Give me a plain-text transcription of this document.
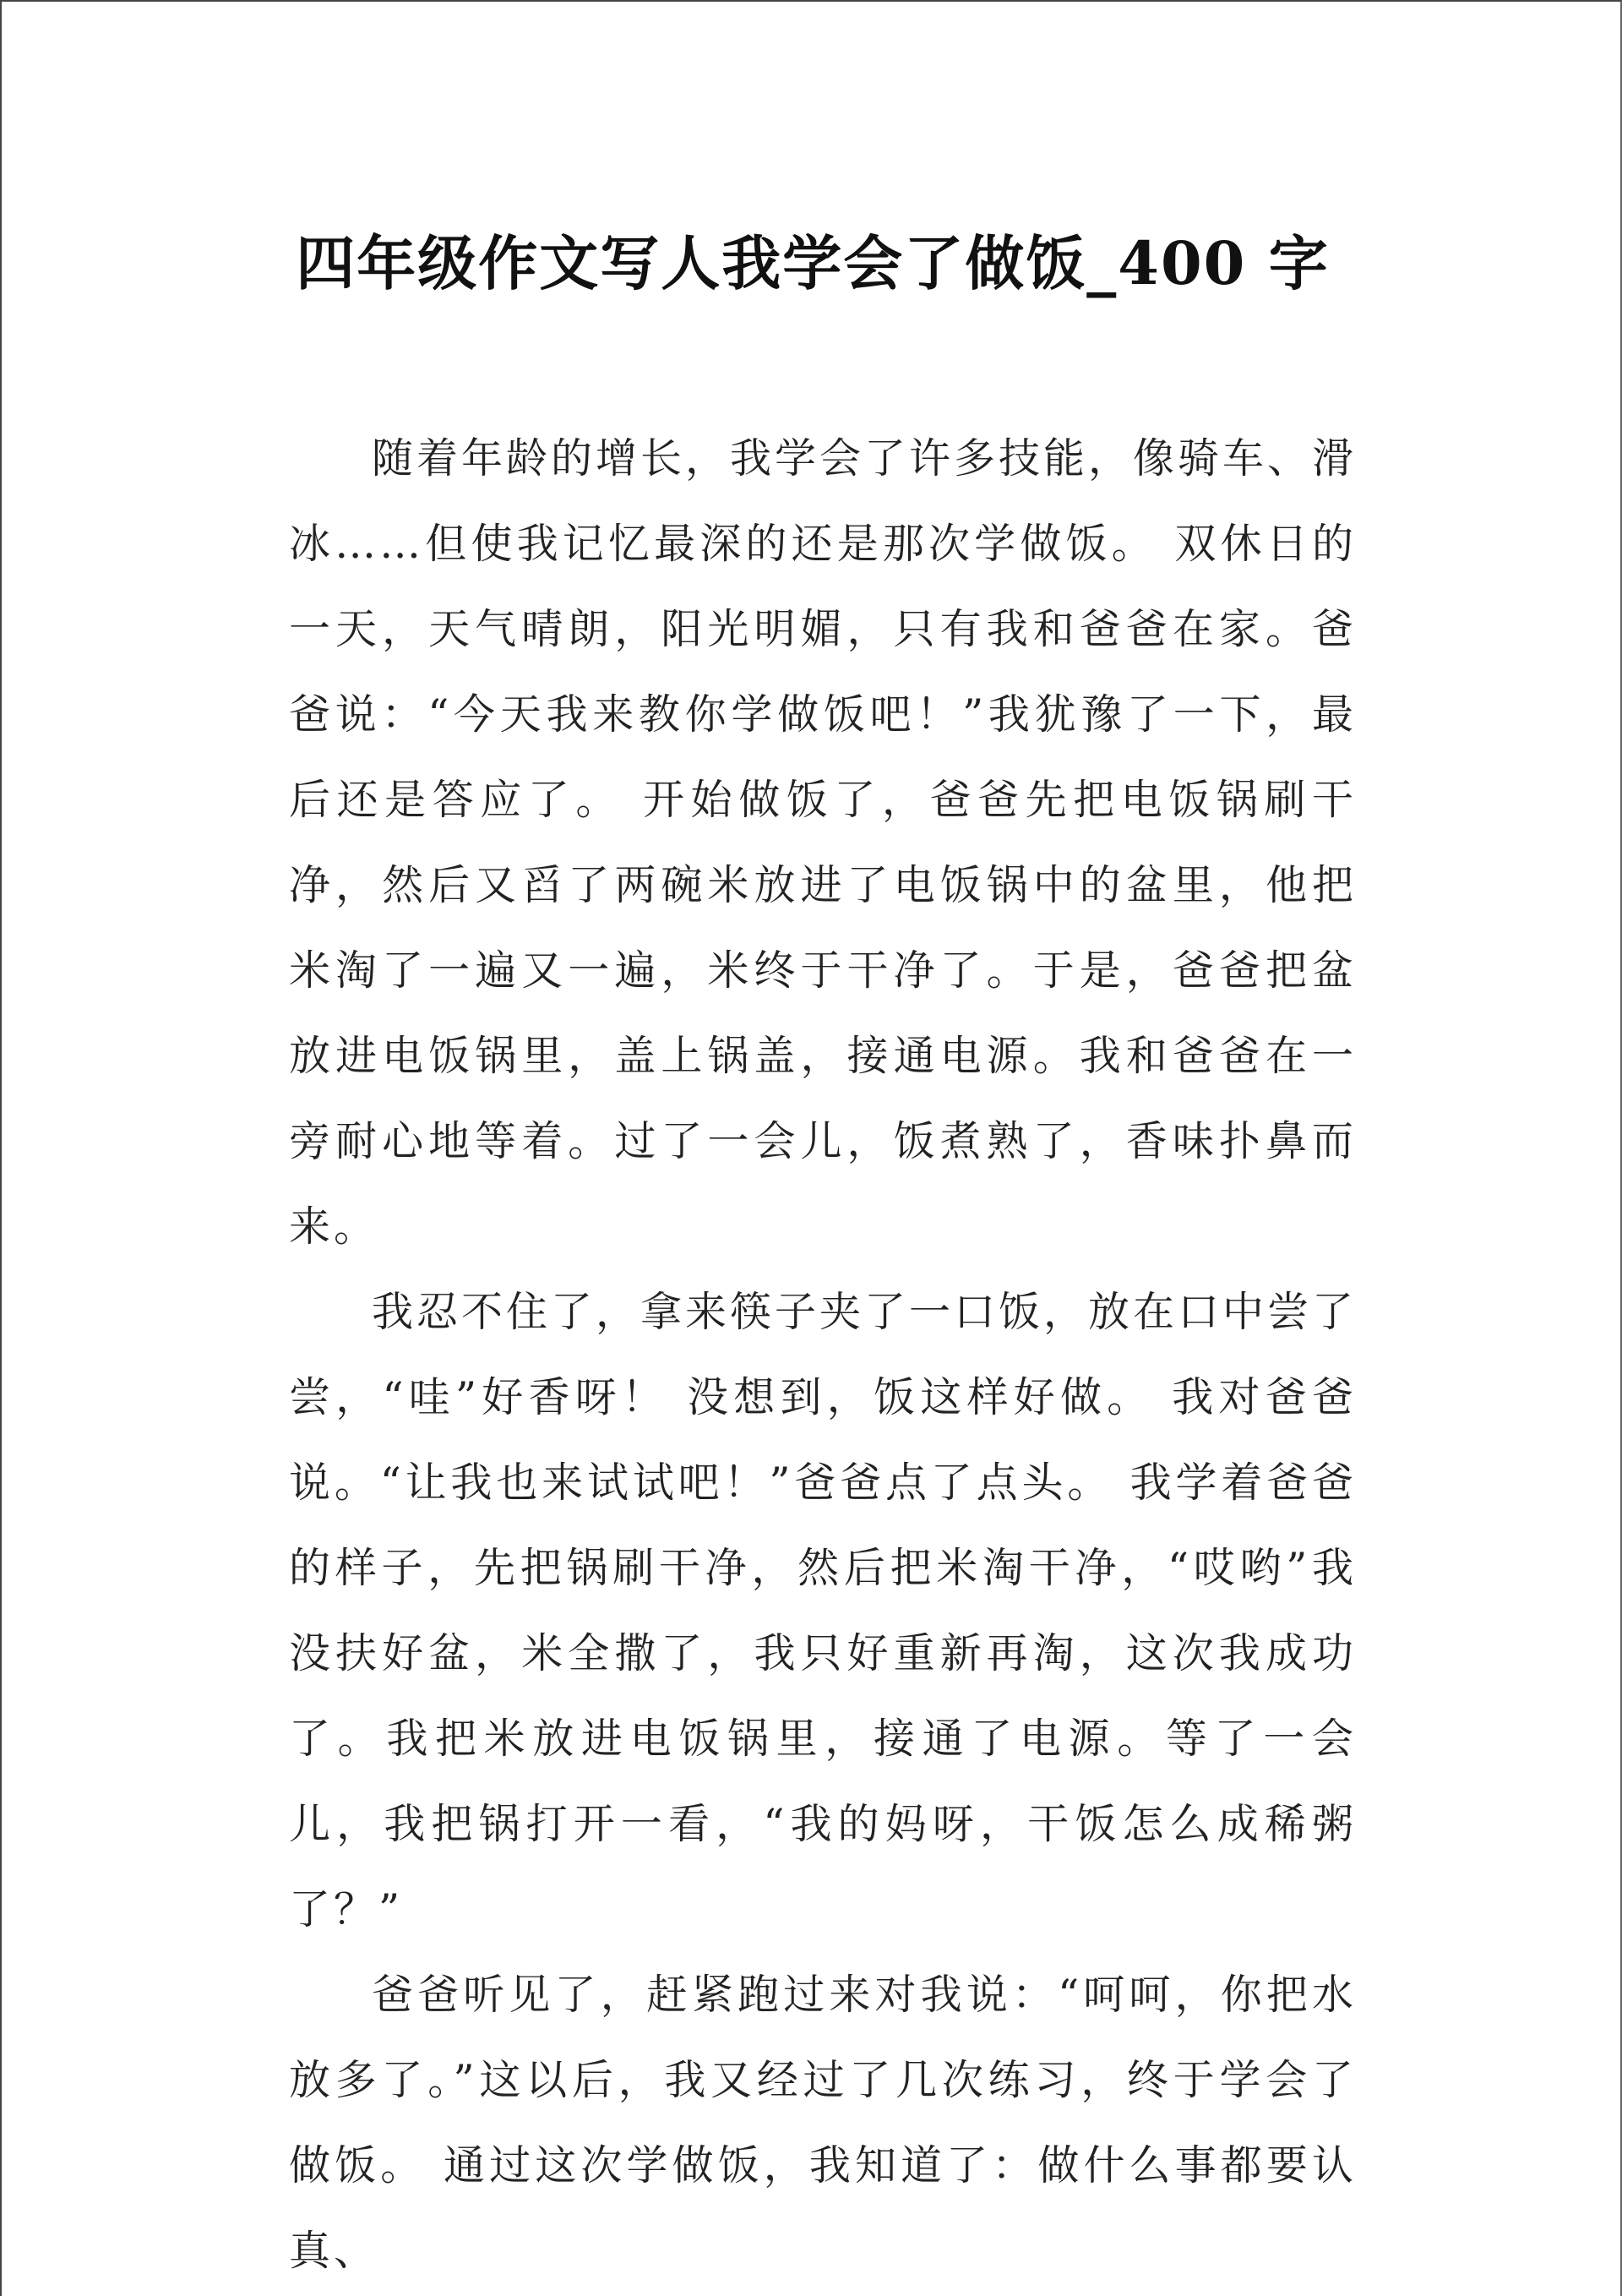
四年级作文写人我学会了做饭_400 字

随着年龄的增长，我学会了许多技能，像骑车、滑冰……但使我记忆最深的还是那次学做饭。 双休日的一天，天气晴朗，阳光明媚，只有我和爸爸在家。爸爸说：“今天我来教你学做饭吧！”我犹豫了一下，最后还是答应了。 开始做饭了，爸爸先把电饭锅刷干净，然后又舀了两碗米放进了电饭锅中的盆里，他把米淘了一遍又一遍，米终于干净了。于是，爸爸把盆放进电饭锅里，盖上锅盖，接通电源。我和爸爸在一旁耐心地等着。过了一会儿，饭煮熟了，香味扑鼻而来。

我忍不住了，拿来筷子夹了一口饭，放在口中尝了尝，“哇”好香呀！ 没想到，饭这样好做。 我对爸爸说。“让我也来试试吧！”爸爸点了点头。 我学着爸爸的样子，先把锅刷干净，然后把米淘干净，“哎哟”我没扶好盆，米全撒了，我只好重新再淘，这次我成功了。我把米放进电饭锅里，接通了电源。等了一会儿，我把锅打开一看，“我的妈呀，干饭怎么成稀粥了？”

爸爸听见了，赶紧跑过来对我说：“呵呵，你把水放多了。”这以后，我又经过了几次练习，终于学会了做饭。 通过这次学做饭，我知道了：做什么事都要认真、
